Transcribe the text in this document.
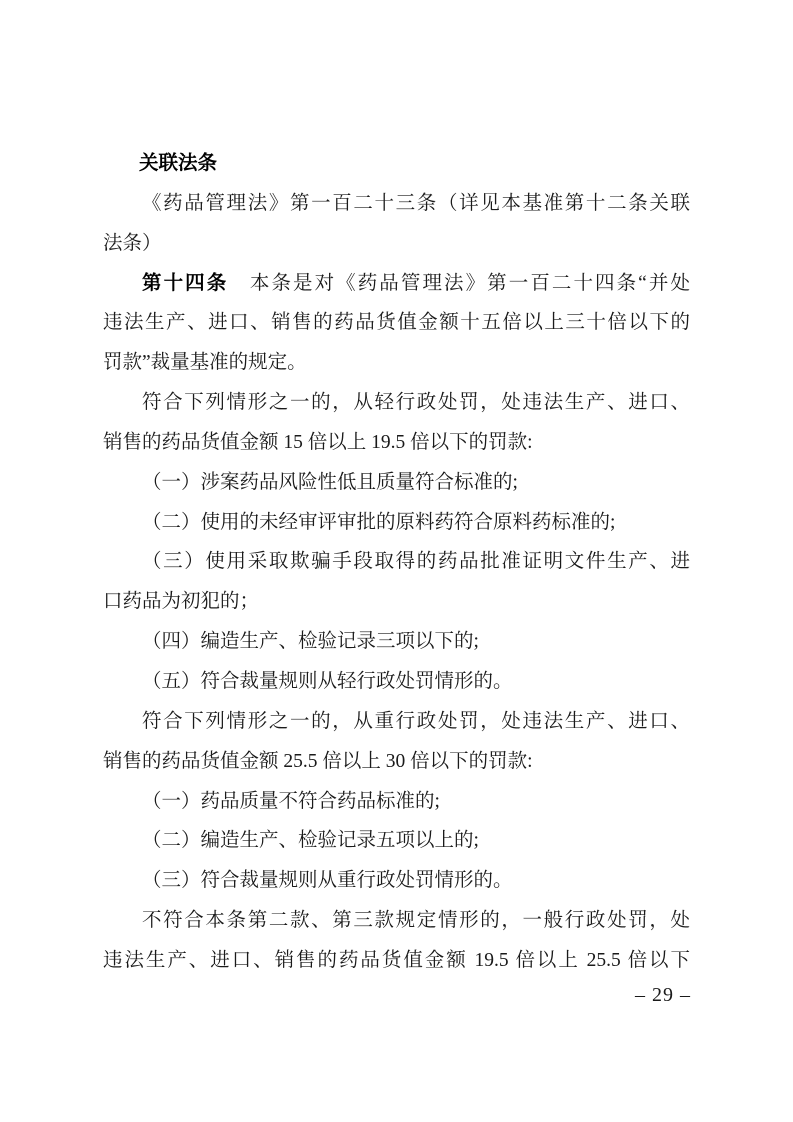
关联法条
《药品管理法》第一百二十三条（详见本基准第十二条关联
法条）
第十四条　本条是对《药品管理法》第一百二十四条“并处
违法生产、进口、销售的药品货值金额十五倍以上三十倍以下的
罚款”裁量基准的规定。
符合下列情形之一的，从轻行政处罚，处违法生产、进口、
销售的药品货值金额 15 倍以上 19.5 倍以下的罚款:
（一）涉案药品风险性低且质量符合标准的;
（二）使用的未经审评审批的原料药符合原料药标准的;
（三）使用采取欺骗手段取得的药品批准证明文件生产、进
口药品为初犯的；
（四）编造生产、检验记录三项以下的;
（五）符合裁量规则从轻行政处罚情形的。
符合下列情形之一的，从重行政处罚，处违法生产、进口、
销售的药品货值金额 25.5 倍以上 30 倍以下的罚款:
（一）药品质量不符合药品标准的;
（二）编造生产、检验记录五项以上的;
（三）符合裁量规则从重行政处罚情形的。
不符合本条第二款、第三款规定情形的，一般行政处罚，处
违法生产、进口、销售的药品货值金额 19.5 倍以上 25.5 倍以下
– 29 –
